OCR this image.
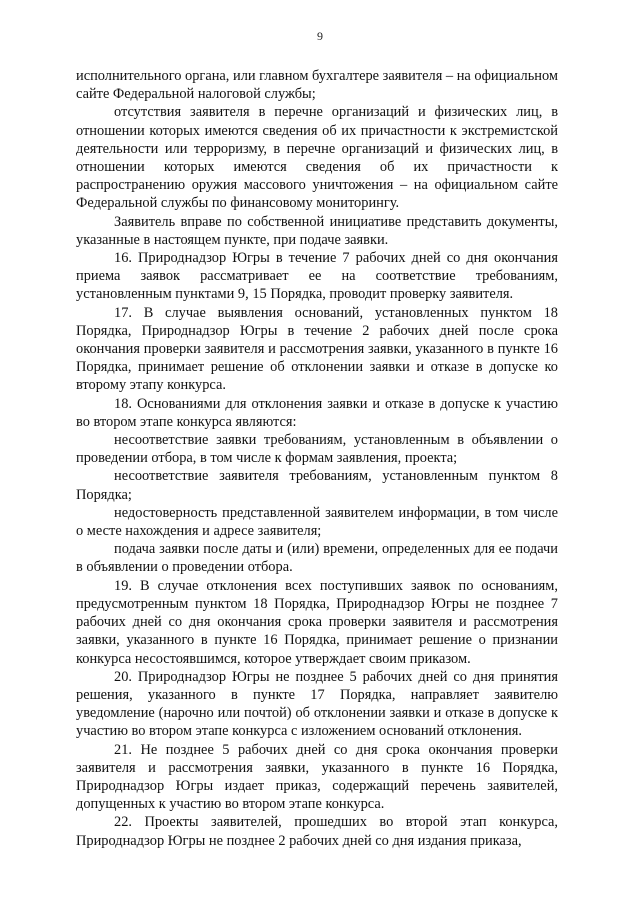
9

исполнительного органа, или главном бухгалтере заявителя – на официальном сайте Федеральной налоговой службы;

отсутствия заявителя в перечне организаций и физических лиц, в отношении которых имеются сведения об их причастности к экстремистской деятельности или терроризму, в перечне организаций и физических лиц, в отношении которых имеются сведения об их причастности к распространению оружия массового уничтожения – на официальном сайте Федеральной службы по финансовому мониторингу.

Заявитель вправе по собственной инициативе представить документы, указанные в настоящем пункте, при подаче заявки.

16. Природнадзор Югры в течение 7 рабочих дней со дня окончания приема заявок рассматривает ее на соответствие требованиям, установленным пунктами 9, 15 Порядка, проводит проверку заявителя.

17. В случае выявления оснований, установленных пунктом 18 Порядка, Природнадзор Югры в течение 2 рабочих дней после срока окончания проверки заявителя и рассмотрения заявки, указанного в пункте 16 Порядка, принимает решение об отклонении заявки и отказе в допуске ко второму этапу конкурса.

18. Основаниями для отклонения заявки и отказе в допуске к участию во втором этапе конкурса являются:

несоответствие заявки требованиям, установленным в объявлении о проведении отбора, в том числе к формам заявления, проекта;

несоответствие заявителя требованиям, установленным пунктом 8 Порядка;

недостоверность представленной заявителем информации, в том числе о месте нахождения и адресе заявителя;

подача заявки после даты и (или) времени, определенных для ее подачи в объявлении о проведении отбора.

19. В случае отклонения всех поступивших заявок по основаниям, предусмотренным пунктом 18 Порядка, Природнадзор Югры не позднее 7 рабочих дней со дня окончания срока проверки заявителя и рассмотрения заявки, указанного в пункте 16 Порядка, принимает решение о признании конкурса несостоявшимся, которое утверждает своим приказом.

20. Природнадзор Югры не позднее 5 рабочих дней со дня принятия решения, указанного в пункте 17 Порядка, направляет заявителю уведомление (нарочно или почтой) об отклонении заявки и отказе в допуске к участию во втором этапе конкурса с изложением оснований отклонения.

21. Не позднее 5 рабочих дней со дня срока окончания проверки заявителя и рассмотрения заявки, указанного в пункте 16 Порядка, Природнадзор Югры издает приказ, содержащий перечень заявителей, допущенных к участию во втором этапе конкурса.

22. Проекты заявителей, прошедших во второй этап конкурса, Природнадзор Югры не позднее 2 рабочих дней со дня издания приказа,
